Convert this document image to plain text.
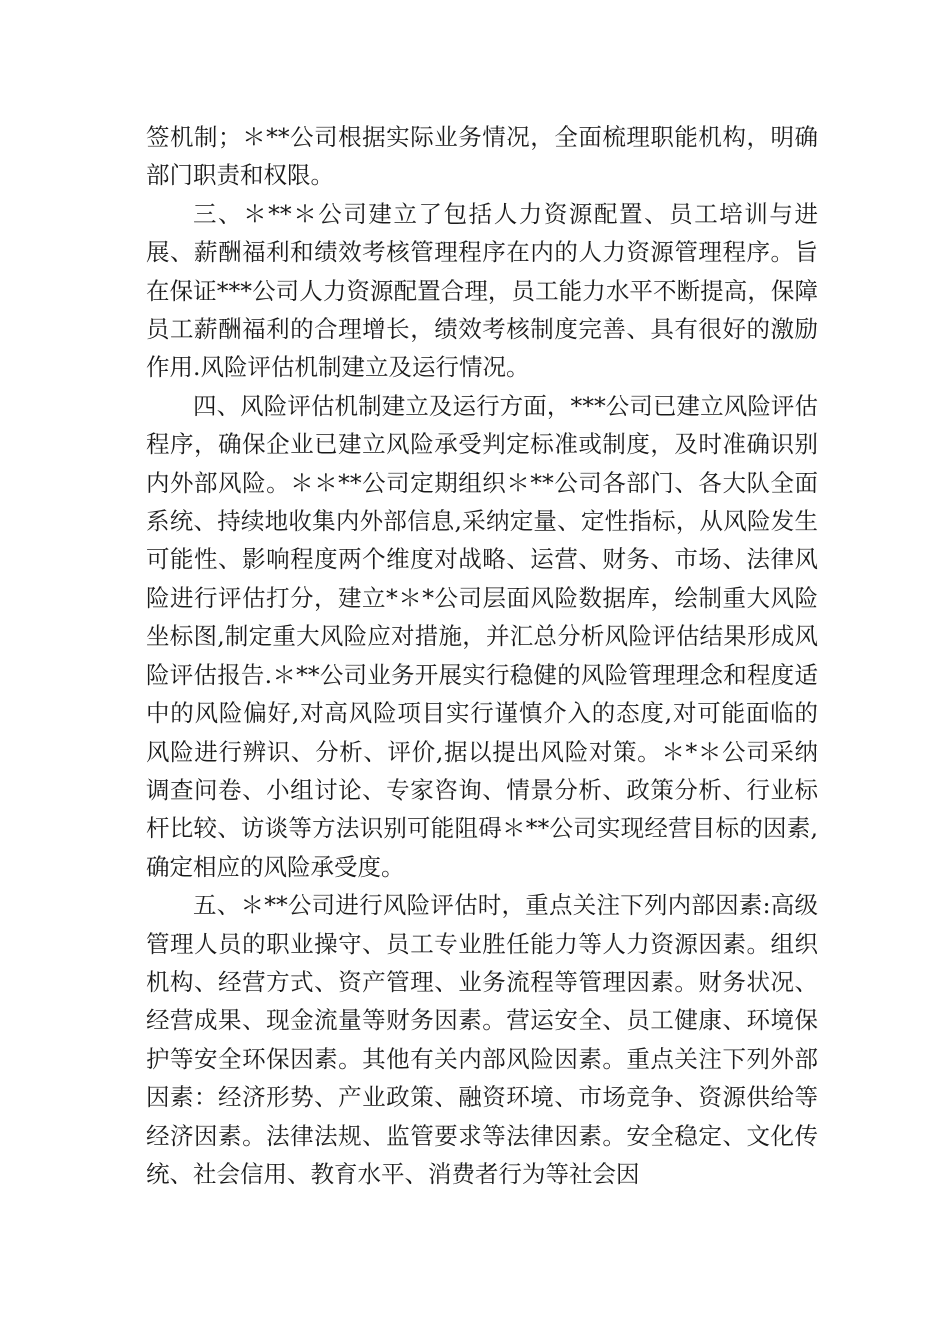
签机制；＊**公司根据实际业务情况，全面梳理职能机构，明确部门职责和权限。

三、＊**＊公司建立了包括人力资源配置、员工培训与进展、薪酬福利和绩效考核管理程序在内的人力资源管理程序。旨在保证***公司人力资源配置合理，员工能力水平不断提高，保障员工薪酬福利的合理增长，绩效考核制度完善、具有很好的激励作用.风险评估机制建立及运行情况。

四、风险评估机制建立及运行方面，***公司已建立风险评估程序，确保企业已建立风险承受判定标准或制度，及时准确识别内外部风险。＊＊**公司定期组织＊**公司各部门、各大队全面系统、持续地收集内外部信息,采纳定量、定性指标，从风险发生可能性、影响程度两个维度对战略、运营、财务、市场、法律风险进行评估打分，建立*＊*公司层面风险数据库，绘制重大风险坐标图,制定重大风险应对措施，并汇总分析风险评估结果形成风险评估报告.＊**公司业务开展实行稳健的风险管理理念和程度适中的风险偏好,对高风险项目实行谨慎介入的态度,对可能面临的风险进行辨识、分析、评价,据以提出风险对策。＊*＊公司采纳调查问卷、小组讨论、专家咨询、情景分析、政策分析、行业标杆比较、访谈等方法识别可能阻碍＊**公司实现经营目标的因素,确定相应的风险承受度。

五、＊**公司进行风险评估时，重点关注下列内部因素:高级管理人员的职业操守、员工专业胜任能力等人力资源因素。组织机构、经营方式、资产管理、业务流程等管理因素。财务状况、经营成果、现金流量等财务因素。营运安全、员工健康、环境保护等安全环保因素。其他有关内部风险因素。重点关注下列外部因素：经济形势、产业政策、融资环境、市场竞争、资源供给等经济因素。法律法规、监管要求等法律因素。安全稳定、文化传统、社会信用、教育水平、消费者行为等社会因
